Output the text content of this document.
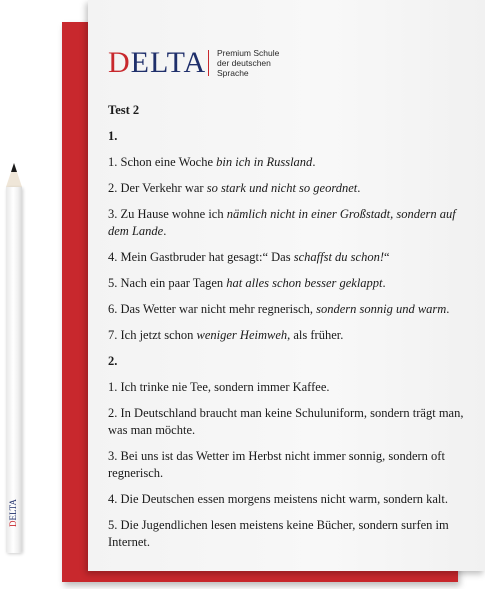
DELTA Premium Schule
der deutschen
Sprache
Test 2
1.
1. Schon eine Woche bin ich in Russland.
2. Der Verkehr war so stark und nicht so geordnet.
3. Zu Hause wohne ich nämlich nicht in einer Großstadt, sondern auf dem Lande.
4. Mein Gastbruder hat gesagt:“ Das schaffst du schon!“
5. Nach ein paar Tagen hat alles schon besser geklappt.
6. Das Wetter war nicht mehr regnerisch, sondern sonnig und warm.
7. Ich jetzt schon weniger Heimweh, als früher.
2.
1. Ich trinke nie Tee, sondern immer Kaffee.
2. In Deutschland braucht man keine Schuluniform, sondern trägt man, was man möchte.
3. Bei uns ist das Wetter im Herbst nicht immer sonnig, sondern oft regnerisch.
4. Die Deutschen essen morgens meistens nicht warm, sondern kalt.
5. Die Jugendlichen lesen meistens keine Bücher, sondern surfen im Internet.
DELTA
